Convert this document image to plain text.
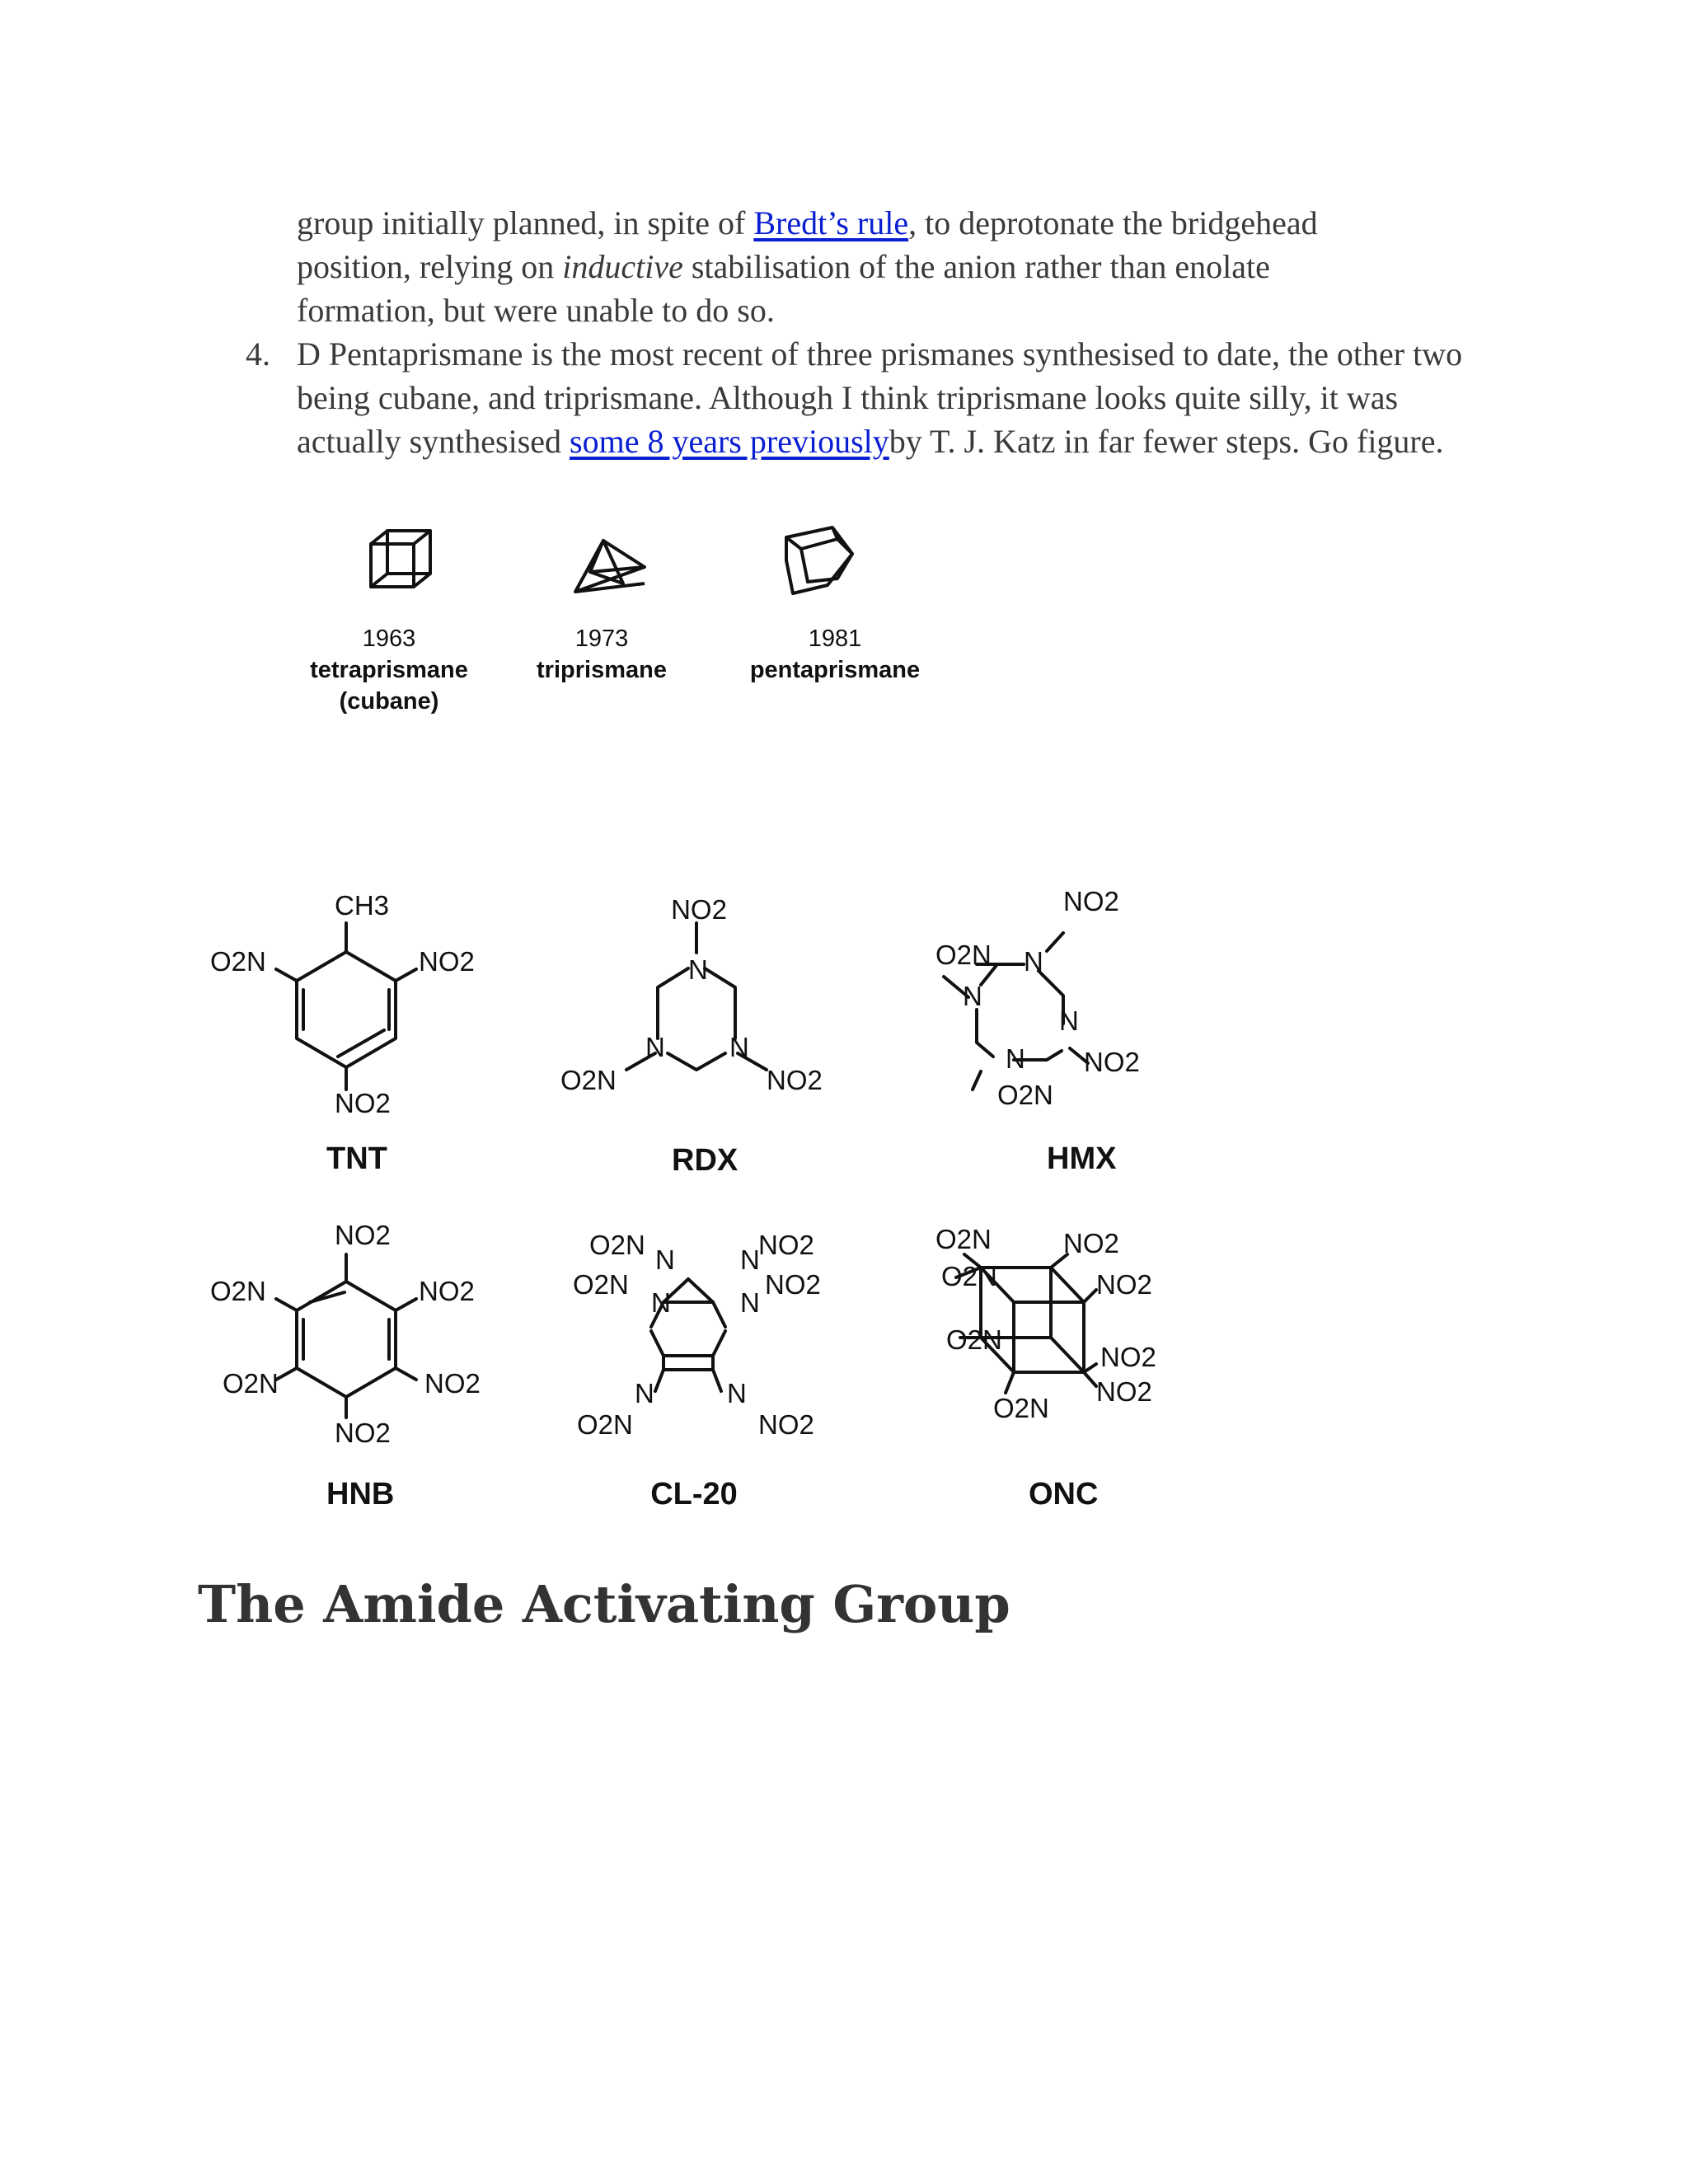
group initially planned, in spite of Bredt’s rule, to deprotonate the bridgehead
position, relying on inductive stabilisation of the anion rather than enolate
formation, but were unable to do so.

4. D Pentaprismane is the most recent of three prismanes synthesised to date, the other two being cubane, and triprismane. Although I think triprismane looks quite silly, it was actually synthesised some 8 years previouslyby T. J. Katz in far fewer steps. Go figure.

1963
tetraprismane
(cubane)
1973
triprismane
1981
pentaprismane
CH3
O2N	NO2
NO2
TNT
NO2
N
N N
O2N	NO2
RDX
NO2
N
O2N
N
N
NO2
N
O2N
HMX
NO2
O2N	NO2
O2N	NO2
NO2
HNB
O2N N
O2N
N
NO2
N
NO2
N
N
O2N
N
NO2
CL-20
O2N
O2N
O2N
O2N
NO2
NO2
NO2
NO2
ONC
The Amide Activating Group
